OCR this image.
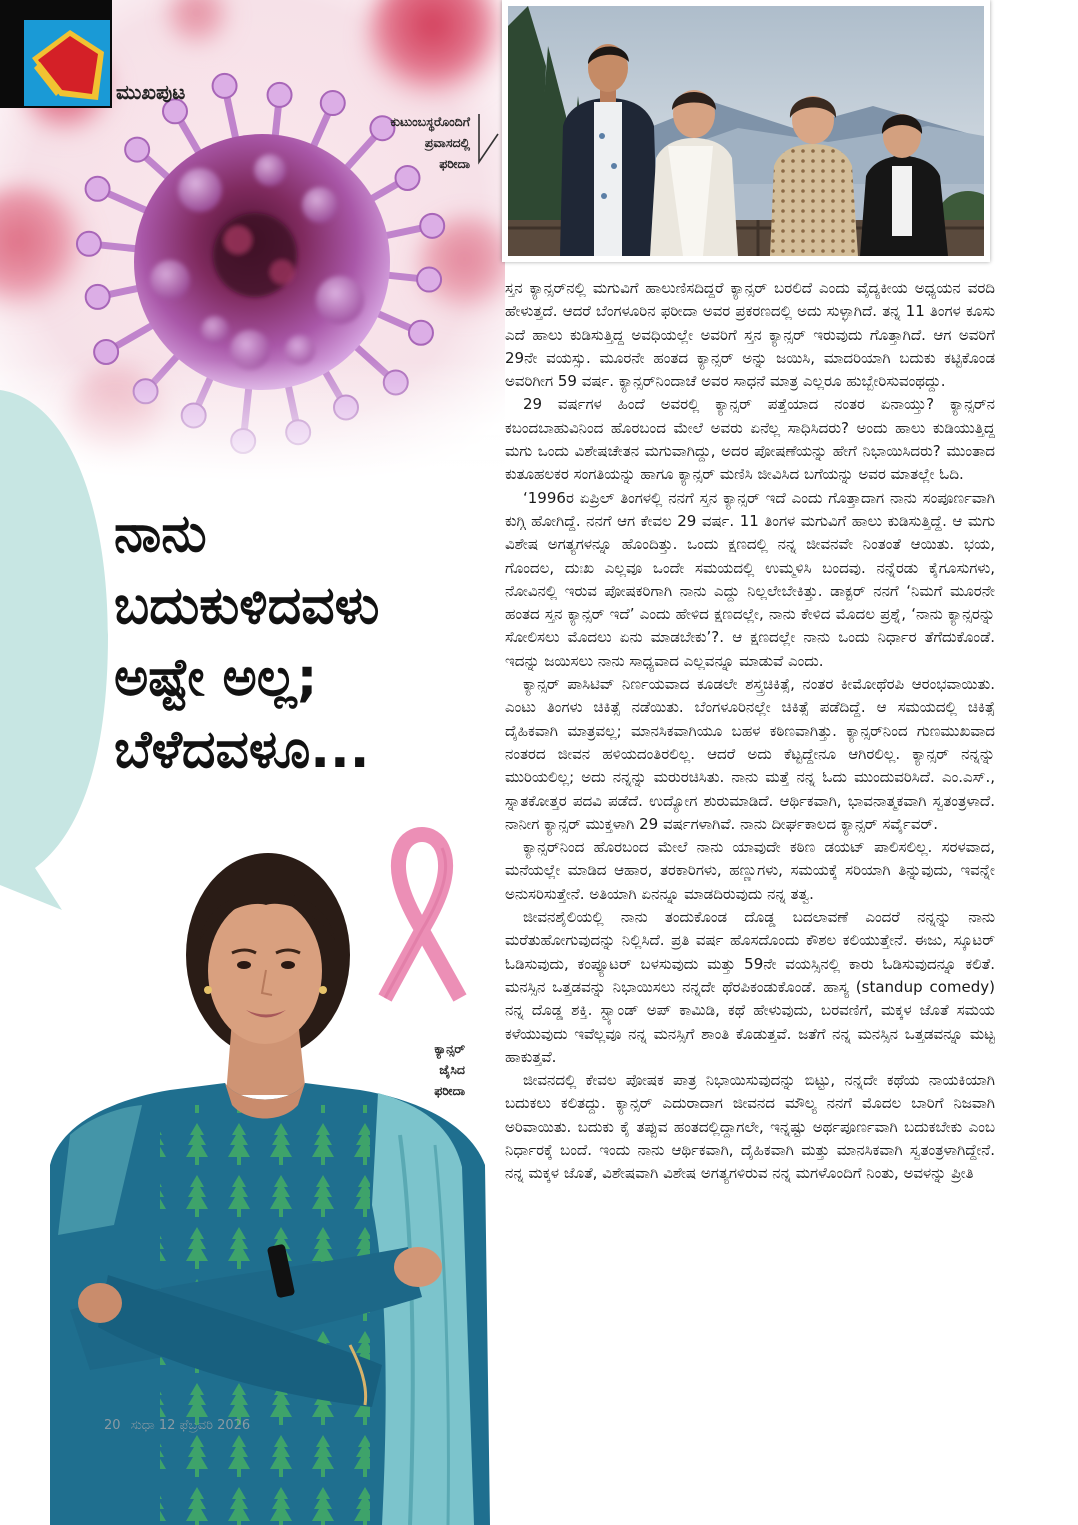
ಮುಖಪುಟ
ಕುಟುಂಬಸ್ಥರೊಂದಿಗೆ
ಪ್ರವಾಸದಲ್ಲಿ
ಫರೀದಾ
ನಾನು
ಬದುಕುಳಿದವಳು
ಅಷ್ಟೇ ಅಲ್ಲ;
ಬೆಳೆದವಳೂ...

ಸ್ತನ ಕ್ಯಾನ್ಸರ್‌ನಲ್ಲಿ ಮಗುವಿಗೆ ಹಾಲುಣಿಸದಿದ್ದರೆ ಕ್ಯಾನ್ಸರ್ ಬರಲಿದೆ ಎಂದು ವೈದ್ಯಕೀಯ ಅಧ್ಯಯನ ವರದಿ ಹೇಳುತ್ತದೆ. ಆದರೆ ಬೆಂಗಳೂರಿನ ಫರೀದಾ ಅವರ ಪ್ರಕರಣದಲ್ಲಿ ಅದು ಸುಳ್ಳಾಗಿದೆ. ತನ್ನ 11 ತಿಂಗಳ ಕೂಸು ಎದೆ ಹಾಲು ಕುಡಿಸುತ್ತಿದ್ದ ಅವಧಿಯಲ್ಲೇ ಅವರಿಗೆ ಸ್ತನ ಕ್ಯಾನ್ಸರ್ ಇರುವುದು ಗೊತ್ತಾಗಿದೆ. ಆಗ ಅವರಿಗೆ 29ನೇ ವಯಸ್ಸು. ಮೂರನೇ ಹಂತದ ಕ್ಯಾನ್ಸರ್ ಅನ್ನು ಜಯಿಸಿ, ಮಾದರಿಯಾಗಿ ಬದುಕು ಕಟ್ಟಿಕೊಂಡ ಅವರಿಗೀಗ 59 ವರ್ಷ. ಕ್ಯಾನ್ಸರ್‌ನಿಂದಾಚೆ ಅವರ ಸಾಧನೆ ಮಾತ್ರ ಎಲ್ಲರೂ ಹುಬ್ಬೇರಿಸುವಂಥದ್ದು.

29 ವರ್ಷಗಳ ಹಿಂದೆ ಅವರಲ್ಲಿ ಕ್ಯಾನ್ಸರ್ ಪತ್ತೆಯಾದ ನಂತರ ಏನಾಯ್ತು? ಕ್ಯಾನ್ಸರ್‌ನ ಕಬಂದಬಾಹುವಿನಿಂದ ಹೊರಬಂದ ಮೇಲೆ ಅವರು ಏನೆಲ್ಲ ಸಾಧಿಸಿದರು? ಅಂದು ಹಾಲು ಕುಡಿಯುತ್ತಿದ್ದ ಮಗು ಒಂದು ವಿಶೇಷಚೇತನ ಮಗುವಾಗಿದ್ದು, ಅದರ ಪೋಷಣೆಯನ್ನು ಹೇಗೆ ನಿಭಾಯಿಸಿದರು? ಮುಂತಾದ ಕುತೂಹಲಕರ ಸಂಗತಿಯನ್ನು ಹಾಗೂ ಕ್ಯಾನ್ಸರ್ ಮಣಿಸಿ ಜೀವಿಸಿದ ಬಗೆಯನ್ನು ಅವರ ಮಾತಲ್ಲೇ ಓದಿ.

‘1996ರ ಏಪ್ರಿಲ್ ತಿಂಗಳಲ್ಲಿ ನನಗೆ ಸ್ತನ ಕ್ಯಾನ್ಸರ್ ಇದೆ ಎಂದು ಗೊತ್ತಾದಾಗ ನಾನು ಸಂಪೂರ್ಣವಾಗಿ ಕುಗ್ಗಿ ಹೋಗಿದ್ದೆ. ನನಗೆ ಆಗ ಕೇವಲ 29 ವರ್ಷ. 11 ತಿಂಗಳ ಮಗುವಿಗೆ ಹಾಲು ಕುಡಿಸುತ್ತಿದ್ದೆ. ಆ ಮಗು ವಿಶೇಷ ಅಗತ್ಯಗಳನ್ನೂ ಹೊಂದಿತ್ತು. ಒಂದು ಕ್ಷಣದಲ್ಲಿ ನನ್ನ ಜೀವನವೇ ನಿಂತಂತೆ ಆಯಿತು. ಭಯ, ಗೊಂದಲ, ದುಃಖ ಎಲ್ಲವೂ ಒಂದೇ ಸಮಯದಲ್ಲಿ ಉಮ್ಮಳಿಸಿ ಬಂದವು. ನನ್ನೆರಡು ಕೈಗೂಸುಗಳು, ನೋವಿನಲ್ಲಿ ಇರುವ ಪೋಷಕರಿಗಾಗಿ ನಾನು ಎದ್ದು ನಿಲ್ಲಲೇಬೇಕಿತ್ತು. ಡಾಕ್ಟರ್ ನನಗೆ ‘ನಿಮಗೆ ಮೂರನೇ ಹಂತದ ಸ್ತನ ಕ್ಯಾನ್ಸರ್ ಇದೆ’ ಎಂದು ಹೇಳಿದ ಕ್ಷಣದಲ್ಲೇ, ನಾನು ಕೇಳಿದ ಮೊದಲ ಪ್ರಶ್ನೆ, ‘ನಾನು ಕ್ಯಾನ್ಸರನ್ನು ಸೋಲಿಸಲು ಮೊದಲು ಏನು ಮಾಡಬೇಕು’?. ಆ ಕ್ಷಣದಲ್ಲೇ ನಾನು ಒಂದು ನಿರ್ಧಾರ ತೆಗೆದುಕೊಂಡೆ. ಇದನ್ನು ಜಯಿಸಲು ನಾನು ಸಾಧ್ಯವಾದ ಎಲ್ಲವನ್ನೂ ಮಾಡುವೆ ಎಂದು.

ಕ್ಯಾನ್ಸರ್ ಪಾಸಿಟಿವ್ ನಿರ್ಣಯವಾದ ಕೂಡಲೇ ಶಸ್ತ್ರಚಿಕಿತ್ಸೆ, ನಂತರ ಕೀಮೋಥೆರಪಿ ಆರಂಭವಾಯಿತು. ಎಂಟು ತಿಂಗಳು ಚಿಕಿತ್ಸೆ ನಡೆಯಿತು. ಬೆಂಗಳೂರಿನಲ್ಲೇ ಚಿಕಿತ್ಸೆ ಪಡೆದಿದ್ದೆ. ಆ ಸಮಯದಲ್ಲಿ ಚಿಕಿತ್ಸೆ ದೈಹಿಕವಾಗಿ ಮಾತ್ರವಲ್ಲ; ಮಾನಸಿಕವಾಗಿಯೂ ಬಹಳ ಕಠಿಣವಾಗಿತ್ತು. ಕ್ಯಾನ್ಸರ್‌ನಿಂದ ಗುಣಮುಖವಾದ ನಂತರದ ಜೀವನ ಹಳಿಯದಂತಿರಲಿಲ್ಲ. ಆದರೆ ಅದು ಕೆಟ್ಟದ್ದೇನೂ ಆಗಿರಲಿಲ್ಲ. ಕ್ಯಾನ್ಸರ್ ನನ್ನನ್ನು ಮುರಿಯಲಿಲ್ಲ; ಅದು ನನ್ನನ್ನು ಮರುರಚಿಸಿತು. ನಾನು ಮತ್ತೆ ನನ್ನ ಓದು ಮುಂದುವರಿಸಿದೆ. ಎಂ.ಎಸ್., ಸ್ನಾತಕೋತ್ತರ ಪದವಿ ಪಡೆದೆ. ಉದ್ಯೋಗ ಶುರುಮಾಡಿದೆ. ಆರ್ಥಿಕವಾಗಿ, ಭಾವನಾತ್ಮಕವಾಗಿ ಸ್ವತಂತ್ರಳಾದೆ. ನಾನೀಗ ಕ್ಯಾನ್ಸರ್ ಮುಕ್ತಳಾಗಿ 29 ವರ್ಷಗಳಾಗಿವೆ. ನಾನು ದೀರ್ಘಕಾಲದ ಕ್ಯಾನ್ಸರ್ ಸರ್ವೈವರ್.

ಕ್ಯಾನ್ಸರ್‌ನಿಂದ ಹೊರಬಂದ ಮೇಲೆ ನಾನು ಯಾವುದೇ ಕಠಿಣ ಡಯಟ್ ಪಾಲಿಸಲಿಲ್ಲ. ಸರಳವಾದ, ಮನೆಯಲ್ಲೇ ಮಾಡಿದ ಆಹಾರ, ತರಕಾರಿಗಳು, ಹಣ್ಣುಗಳು, ಸಮಯಕ್ಕೆ ಸರಿಯಾಗಿ ತಿನ್ನುವುದು, ಇವನ್ನೇ ಅನುಸರಿಸುತ್ತೇನೆ. ಅತಿಯಾಗಿ ಏನನ್ನೂ ಮಾಡದಿರುವುದು ನನ್ನ ತತ್ವ.

ಜೀವನಶೈಲಿಯಲ್ಲಿ ನಾನು ತಂದುಕೊಂಡ ದೊಡ್ಡ ಬದಲಾವಣೆ ಎಂದರೆ ನನ್ನನ್ನು ನಾನು ಮರೆತುಹೋಗುವುದನ್ನು ನಿಲ್ಲಿಸಿದೆ. ಪ್ರತಿ ವರ್ಷ ಹೊಸದೊಂದು ಕೌಶಲ ಕಲಿಯುತ್ತೇನೆ. ಈಜು, ಸ್ಕೂಟರ್ ಓಡಿಸುವುದು, ಕಂಪ್ಯೂಟರ್ ಬಳಸುವುದು ಮತ್ತು 59ನೇ ವಯಸ್ಸಿನಲ್ಲಿ ಕಾರು ಓಡಿಸುವುದನ್ನೂ ಕಲಿತೆ. ಮನಸ್ಸಿನ ಒತ್ತಡವನ್ನು ನಿಭಾಯಿಸಲು ನನ್ನದೇ ಥೆರಪಿಕಂಡುಕೊಂಡೆ. ಹಾಸ್ಯ (standup comedy) ನನ್ನ ದೊಡ್ಡ ಶಕ್ತಿ. ಸ್ಟ್ಯಾಂಡ್ ಅಪ್ ಕಾಮಿಡಿ, ಕಥೆ ಹೇಳುವುದು, ಬರವಣಿಗೆ, ಮಕ್ಕಳ ಜೊತೆ ಸಮಯ ಕಳೆಯುವುದು ಇವೆಲ್ಲವೂ ನನ್ನ ಮನಸ್ಸಿಗೆ ಶಾಂತಿ ಕೊಡುತ್ತವೆ. ಜತೆಗೆ ನನ್ನ ಮನಸ್ಸಿನ ಒತ್ತಡವನ್ನೂ ಮಟ್ಟ ಹಾಕುತ್ತವೆ.

ಜೀವನದಲ್ಲಿ ಕೇವಲ ಪೋಷಕ ಪಾತ್ರ ನಿಭಾಯಿಸುವುದನ್ನು ಬಿಟ್ಟು, ನನ್ನದೇ ಕಥೆಯ ನಾಯಕಿಯಾಗಿ ಬದುಕಲು ಕಲಿತದ್ದು. ಕ್ಯಾನ್ಸರ್ ಎದುರಾದಾಗ ಜೀವನದ ಮೌಲ್ಯ ನನಗೆ ಮೊದಲ ಬಾರಿಗೆ ನಿಜವಾಗಿ ಅರಿವಾಯಿತು. ಬದುಕು ಕೈ ತಪ್ಪುವ ಹಂತದಲ್ಲಿದ್ದಾಗಲೇ, ಇನ್ನಷ್ಟು ಅರ್ಥಪೂರ್ಣವಾಗಿ ಬದುಕಬೇಕು ಎಂಬ ನಿರ್ಧಾರಕ್ಕೆ ಬಂದೆ. ಇಂದು ನಾನು ಆರ್ಥಿಕವಾಗಿ, ದೈಹಿಕವಾಗಿ ಮತ್ತು ಮಾನಸಿಕವಾಗಿ ಸ್ವತಂತ್ರಳಾಗಿದ್ದೇನೆ. ನನ್ನ ಮಕ್ಕಳ ಜೊತೆ, ವಿಶೇಷವಾಗಿ ವಿಶೇಷ ಅಗತ್ಯಗಳಿರುವ ನನ್ನ ಮಗಳೊಂದಿಗೆ ನಿಂತು, ಅವಳನ್ನು ಪ್ರೀತಿ

ಕ್ಯಾನ್ಸರ್
ಜೈಸಿದ
ಫರೀದಾ
20 ಸುಧಾ 12 ಫೆಬ್ರವರಿ 2026
